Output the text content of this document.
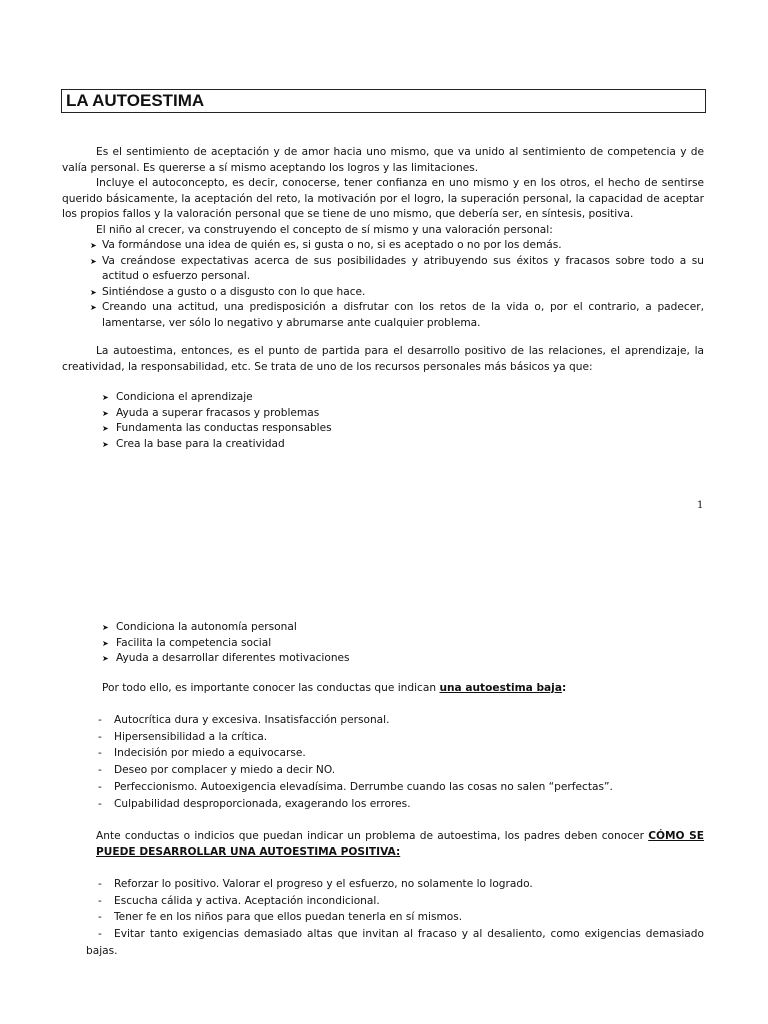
LA AUTOESTIMA

Es el sentimiento de aceptación y de amor hacia uno mismo, que va unido al sentimiento de competencia y de valía personal. Es quererse a sí mismo aceptando los logros y las limitaciones.

Incluye el autoconcepto, es decir, conocerse, tener confianza en uno mismo y en los otros, el hecho de sentirse querido básicamente, la aceptación del reto, la motivación por el logro, la superación personal, la capacidad de aceptar los propios fallos y la valoración personal que se tiene de uno mismo, que debería ser, en síntesis, positiva.

El niño al crecer, va construyendo el concepto de sí mismo y una valoración personal:

➤ Va formándose una idea de quién es, si gusta o no, si es aceptado o no por los demás.
➤ Va creándose expectativas acerca de sus posibilidades y atribuyendo sus éxitos y fracasos sobre todo a su actitud o esfuerzo personal.
➤ Sintiéndose a gusto o a disgusto con lo que hace.
➤ Creando una actitud, una predisposición a disfrutar con los retos de la vida o, por el contrario, a padecer, lamentarse, ver sólo lo negativo y abrumarse ante cualquier problema.

La autoestima, entonces, es el punto de partida para el desarrollo positivo de las relaciones, el aprendizaje, la creatividad, la responsabilidad, etc. Se trata de uno de los recursos personales más básicos ya que:

➤ Condiciona el aprendizaje
➤ Ayuda a superar fracasos y problemas
➤ Fundamenta las conductas responsables
➤ Crea la base para la creatividad
1
➤ Condiciona la autonomía personal
➤ Facilita la competencia social
➤ Ayuda a desarrollar diferentes motivaciones

Por todo ello, es importante conocer las conductas que indican una autoestima baja:

- Autocrítica dura y excesiva. Insatisfacción personal.
- Hipersensibilidad a la crítica.
- Indecisión por miedo a equivocarse.
- Deseo por complacer y miedo a decir NO.
- Perfeccionismo. Autoexigencia elevadísima. Derrumbe cuando las cosas no salen “perfectas”.
- Culpabilidad desproporcionada, exagerando los errores.

Ante conductas o indicios que puedan indicar un problema de autoestima, los padres deben conocer CÓMO SE PUEDE DESARROLLAR UNA AUTOESTIMA POSITIVA:

- Reforzar lo positivo. Valorar el progreso y el esfuerzo, no solamente lo logrado.
- Escucha cálida y activa. Aceptación incondicional.
- Tener fe en los niños para que ellos puedan tenerla en sí mismos.
- Evitar tanto exigencias demasiado altas que invitan al fracaso y al desaliento, como exigencias demasiado bajas.
